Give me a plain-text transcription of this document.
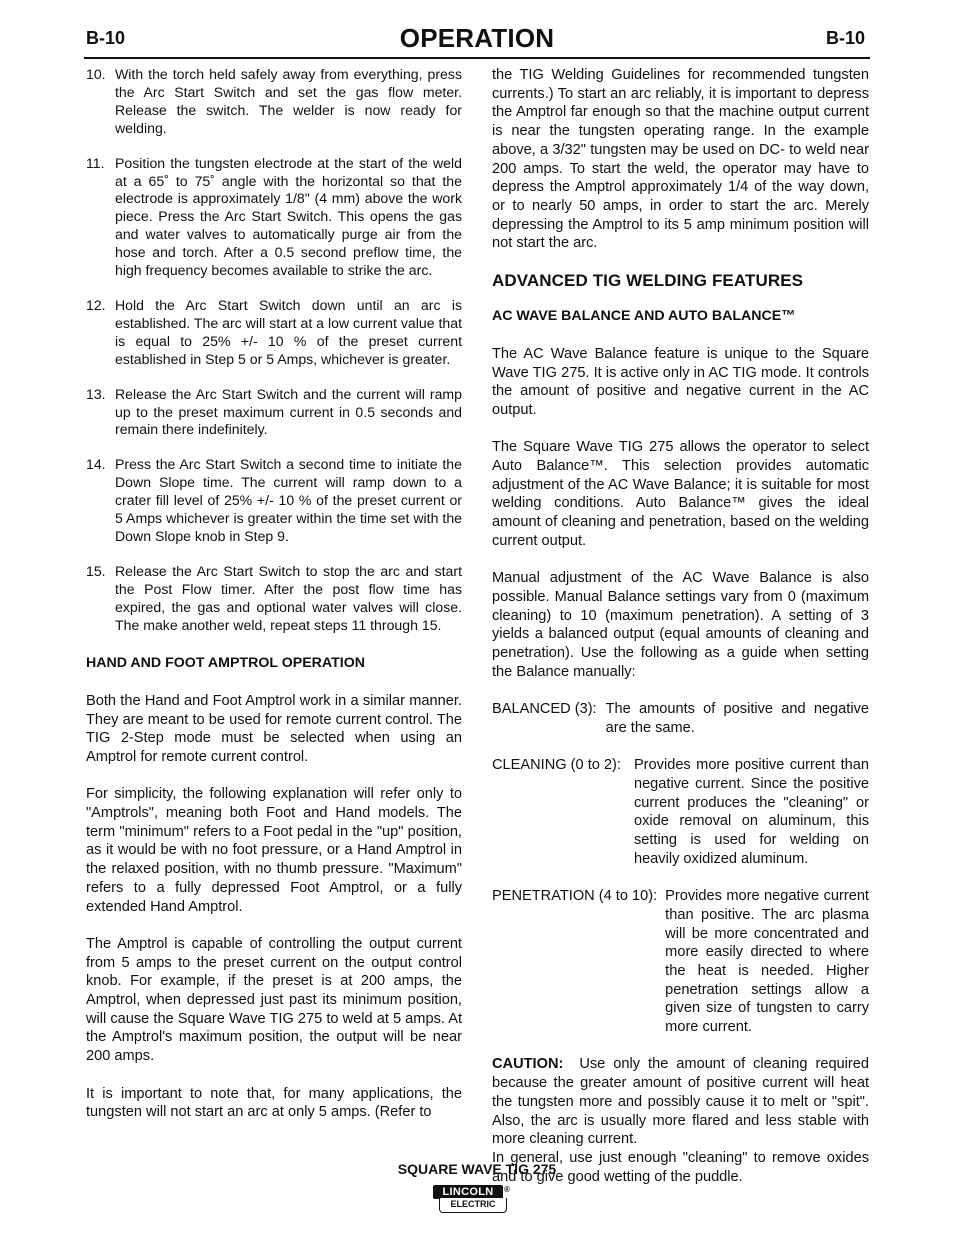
B-10	OPERATION	B-10
10. With the torch held safely away from everything, press the Arc Start Switch and set the gas flow meter. Release the switch. The welder is now ready for welding.
11. Position the tungsten electrode at the start of the weld at a 65˚ to 75˚ angle with the horizontal so that the electrode is approximately 1/8" (4 mm) above the work piece. Press the Arc Start Switch. This opens the gas and water valves to automatically purge air from the hose and torch. After a 0.5 second preflow time, the high frequency becomes available to strike the arc.
12. Hold the Arc Start Switch down until an arc is established. The arc will start at a low current value that is equal to 25% +/- 10 % of the preset current established in Step 5 or 5 Amps, whichever is greater.
13. Release the Arc Start Switch and the current will ramp up to the preset maximum current in 0.5 seconds and remain there indefinitely.
14. Press the Arc Start Switch a second time to initiate the Down Slope time. The current will ramp down to a crater fill level of 25% +/- 10 % of the preset current or 5 Amps whichever is greater within the time set with the Down Slope knob in Step 9.
15. Release the Arc Start Switch to stop the arc and start the Post Flow timer. After the post flow time has expired, the gas and optional water valves will close. The make another weld, repeat steps 11 through 15.
HAND AND FOOT AMPTROL OPERATION

Both the Hand and Foot Amptrol work in a similar manner. They are meant to be used for remote current control. The TIG 2-Step mode must be selected when using an Amptrol for remote current control.

For simplicity, the following explanation will refer only to "Amptrols", meaning both Foot and Hand models. The term "minimum" refers to a Foot pedal in the "up" position, as it would be with no foot pressure, or a Hand Amptrol in the relaxed position, with no thumb pressure. "Maximum" refers to a fully depressed Foot Amptrol, or a fully extended Hand Amptrol.

The Amptrol is capable of controlling the output current from 5 amps to the preset current on the output control knob. For example, if the preset is at 200 amps, the Amptrol, when depressed just past its minimum position, will cause the Square Wave TIG 275 to weld at 5 amps. At the Amptrol's maximum position, the output will be near 200 amps.

It is important to note that, for many applications, the tungsten will not start an arc at only 5 amps. (Refer to

the TIG Welding Guidelines for recommended tungsten currents.) To start an arc reliably, it is important to depress the Amptrol far enough so that the machine output current is near the tungsten operating range. In the example above, a 3/32" tungsten may be used on DC- to weld near 200 amps. To start the weld, the operator may have to depress the Amptrol approximately 1/4 of the way down, or to nearly 50 amps, in order to start the arc. Merely depressing the Amptrol to its 5 amp minimum position will not start the arc.

ADVANCED TIG WELDING FEATURES
AC WAVE BALANCE AND AUTO BALANCE™

The AC Wave Balance feature is unique to the Square Wave TIG 275. It is active only in AC TIG mode. It controls the amount of positive and negative current in the AC output.

The Square Wave TIG 275 allows the operator to select Auto Balance™. This selection provides automatic adjustment of the AC Wave Balance; it is suitable for most welding conditions. Auto Balance™ gives the ideal amount of cleaning and penetration, based on the welding current output.

Manual adjustment of the AC Wave Balance is also possible. Manual Balance settings vary from 0 (maximum cleaning) to 10 (maximum penetration). A setting of 3 yields a balanced output (equal amounts of cleaning and penetration). Use the following as a guide when setting the Balance manually:

BALANCED (3): The amounts of positive and negative are the same.
CLEANING (0 to 2): Provides more positive current than negative current. Since the positive current produces the "cleaning" or oxide removal on aluminum, this setting is used for welding on heavily oxidized aluminum.
PENETRATION (4 to 10): Provides more negative current than positive. The arc plasma will be more concentrated and more easily directed to where the heat is needed. Higher penetration settings allow a given size of tungsten to carry more current.

CAUTION: Use only the amount of cleaning required because the greater amount of positive current will heat the tungsten more and possibly cause it to melt or "spit". Also, the arc is usually more flared and less stable with more cleaning current.

In general, use just enough "cleaning" to remove oxides and to give good wetting of the puddle.

SQUARE WAVE TIG 275
LINCOLN
ELECTRIC
®
